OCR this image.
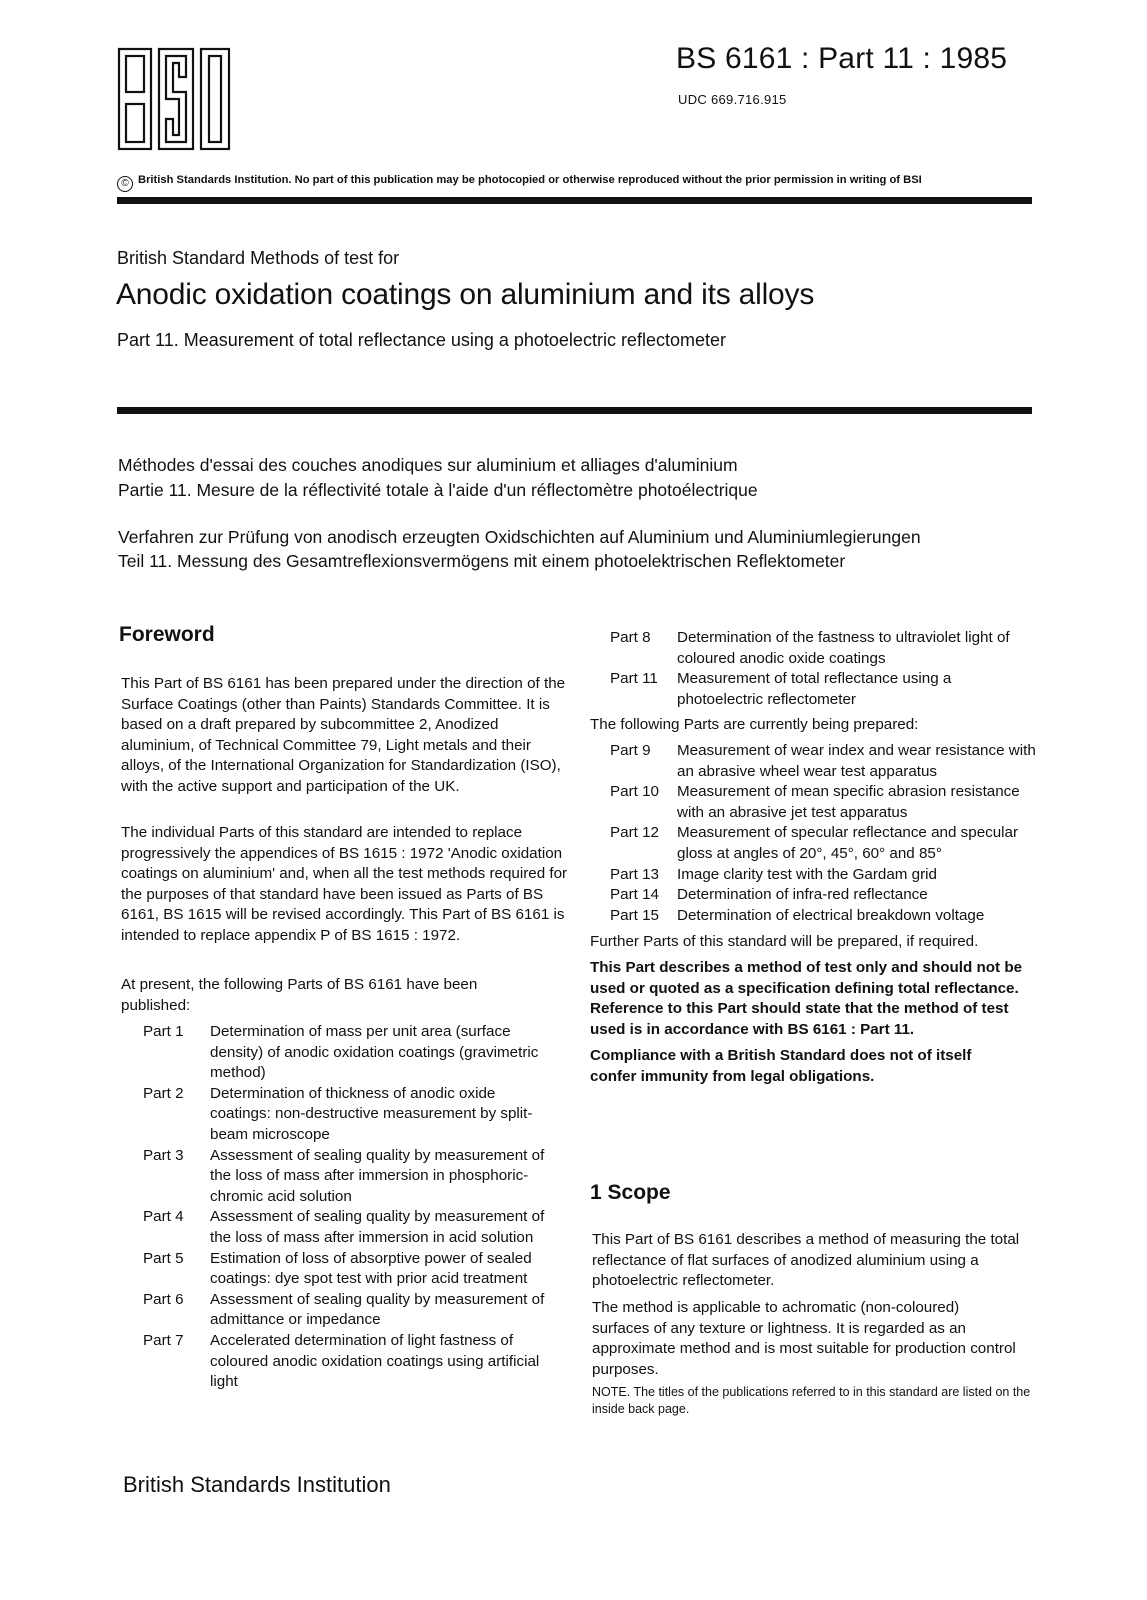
BS 6161 : Part 11 : 1985
UDC 669.716.915
© British Standards Institution. No part of this publication may be photocopied or otherwise reproduced without the prior permission in writing of BSI
British Standard Methods of test for
Anodic oxidation coatings on aluminium and its alloys
Part 11. Measurement of total reflectance using a photoelectric reflectometer
Méthodes d'essai des couches anodiques sur aluminium et alliages d'aluminium
Partie 11. Mesure de la réflectivité totale à l'aide d'un réflectomètre photoélectrique
Verfahren zur Prüfung von anodisch erzeugten Oxidschichten auf Aluminium und Aluminiumlegierungen
Teil 11. Messung des Gesamtreflexionsvermögens mit einem photoelektrischen Reflektometer
Foreword
This Part of BS 6161 has been prepared under the direction of the Surface Coatings (other than Paints) Standards Committee. It is based on a draft prepared by subcommittee 2, Anodized aluminium, of Technical Committee 79, Light metals and their alloys, of the International Organization for Standardization (ISO), with the active support and participation of the UK.
The individual Parts of this standard are intended to replace progressively the appendices of BS 1615 : 1972 'Anodic oxidation coatings on aluminium' and, when all the test methods required for the purposes of that standard have been issued as Parts of BS 6161, BS 1615 will be revised accordingly. This Part of BS 6161 is intended to replace appendix P of BS 1615 : 1972.
At present, the following Parts of BS 6161 have been published:
Part 1	Determination of mass per unit area (surface density) of anodic oxidation coatings (gravimetric method)
Part 2	Determination of thickness of anodic oxide coatings: non-destructive measurement by split-beam microscope
Part 3	Assessment of sealing quality by measurement of the loss of mass after immersion in phosphoric-chromic acid solution
Part 4	Assessment of sealing quality by measurement of the loss of mass after immersion in acid solution
Part 5	Estimation of loss of absorptive power of sealed coatings: dye spot test with prior acid treatment
Part 6	Assessment of sealing quality by measurement of admittance or impedance
Part 7	Accelerated determination of light fastness of coloured anodic oxidation coatings using artificial light
Part 8	Determination of the fastness to ultraviolet light of coloured anodic oxide coatings
Part 11	Measurement of total reflectance using a photoelectric reflectometer
The following Parts are currently being prepared:
Part 9	Measurement of wear index and wear resistance with an abrasive wheel wear test apparatus
Part 10	Measurement of mean specific abrasion resistance with an abrasive jet test apparatus
Part 12	Measurement of specular reflectance and specular gloss at angles of 20°, 45°, 60° and 85°
Part 13	Image clarity test with the Gardam grid
Part 14	Determination of infra-red reflectance
Part 15	Determination of electrical breakdown voltage
Further Parts of this standard will be prepared, if required.
This Part describes a method of test only and should not be used or quoted as a specification defining total reflectance. Reference to this Part should state that the method of test used is in accordance with BS 6161 : Part 11.
Compliance with a British Standard does not of itself confer immunity from legal obligations.
1 Scope
This Part of BS 6161 describes a method of measuring the total reflectance of flat surfaces of anodized aluminium using a photoelectric reflectometer.
The method is applicable to achromatic (non-coloured) surfaces of any texture or lightness. It is regarded as an approximate method and is most suitable for production control purposes.
NOTE. The titles of the publications referred to in this standard are listed on the inside back page.
British Standards Institution
